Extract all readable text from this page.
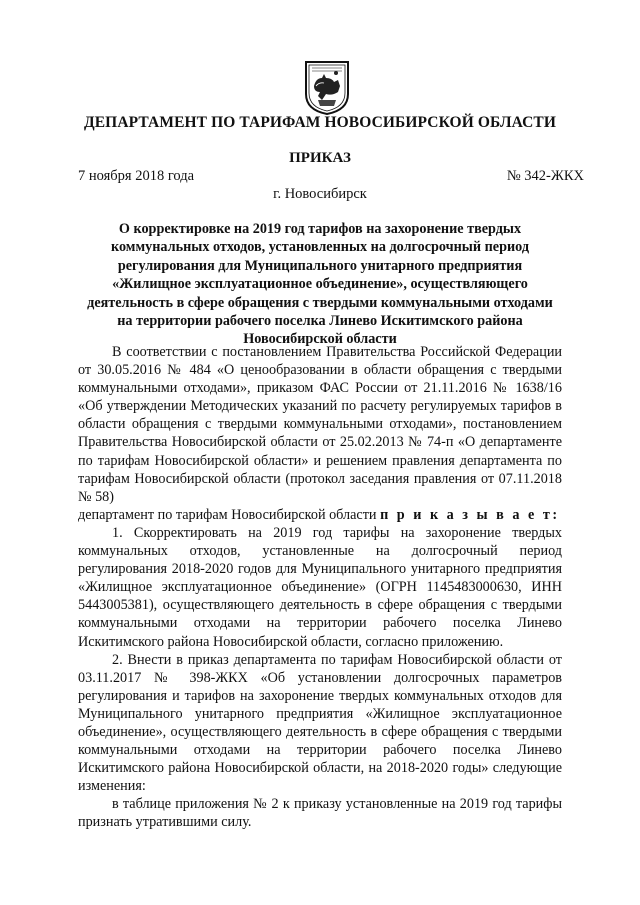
ДЕПАРТАМЕНТ ПО ТАРИФАМ НОВОСИБИРСКОЙ ОБЛАСТИ
ПРИКАЗ
7 ноября 2018 года	№ 342-ЖКХ
г. Новосибирск
О корректировке на 2019 год тарифов на захоронение твердых коммунальных отходов, установленных на долгосрочный период регулирования для Муниципального унитарного предприятия «Жилищное эксплуатационное объединение», осуществляющего деятельность в сфере обращения с твердыми коммунальными отходами на территории рабочего поселка Линево Искитимского района Новосибирской области

В соответствии с постановлением Правительства Российской Федерации от 30.05.2016 № 484 «О ценообразовании в области обращения с твердыми коммунальными отходами», приказом ФАС России от 21.11.2016 № 1638/16 «Об утверждении Методических указаний по расчету регулируемых тарифов в области обращения с твердыми коммунальными отходами», постановлением Правительства Новосибирской области от 25.02.2013 № 74-п «О департаменте по тарифам Новосибирской области» и решением правления департамента по тарифам Новосибирской области (протокол заседания правления от 07.11.2018 № 58)

департамент по тарифам Новосибирской области п р и к а з ы в а е т:

1. Скорректировать на 2019 год тарифы на захоронение твердых коммунальных отходов, установленные на долгосрочный период регулирования 2018-2020 годов для Муниципального унитарного предприятия «Жилищное эксплуатационное объединение» (ОГРН 1145483000630, ИНН 5443005381), осуществляющего деятельность в сфере обращения с твердыми коммунальными отходами на территории рабочего поселка Линево Искитимского района Новосибирской области, согласно приложению.

2. Внести в приказ департамента по тарифам Новосибирской области от 03.11.2017 № 398-ЖКХ «Об установлении долгосрочных параметров регулирования и тарифов на захоронение твердых коммунальных отходов для Муниципального унитарного предприятия «Жилищное эксплуатационное объединение», осуществляющего деятельность в сфере обращения с твердыми коммунальными отходами на территории рабочего поселка Линево Искитимского района Новосибирской области, на 2018-2020 годы» следующие изменения:

в таблице приложения № 2 к приказу установленные на 2019 год тарифы признать утратившими силу.
